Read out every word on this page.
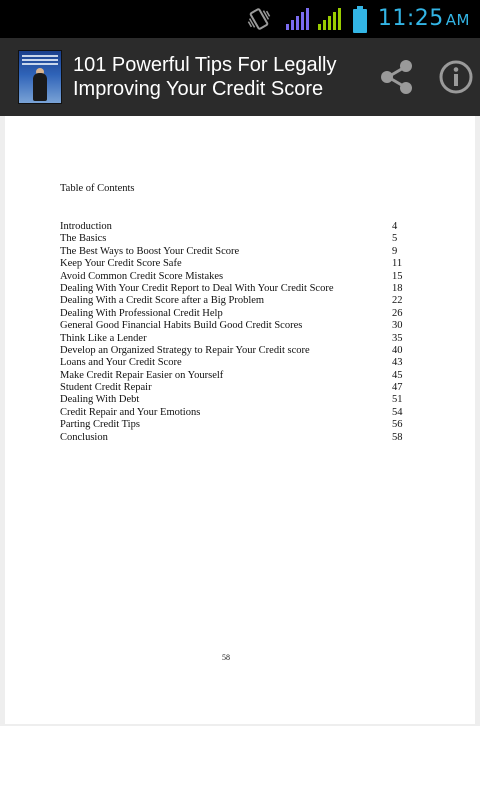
11:25 AM
101 Powerful Tips For Legally
Improving Your Credit Score
Table of Contents
Introduction	4
The Basics	5
The Best Ways to Boost Your Credit Score	9
Keep Your Credit Score Safe	11
Avoid Common Credit Score Mistakes	15
Dealing With Your Credit Report to Deal With Your Credit Score	18
Dealing With a Credit Score after a Big Problem	22
Dealing With Professional Credit Help	26
General Good Financial Habits Build Good Credit Scores	30
Think Like a Lender	35
Develop an Organized Strategy to Repair Your Credit score	40
Loans and Your Credit Score	43
Make Credit Repair Easier on Yourself	45
Student Credit Repair	47
Dealing With Debt	51
Credit Repair and Your Emotions	54
Parting Credit Tips	56
Conclusion	58
58
